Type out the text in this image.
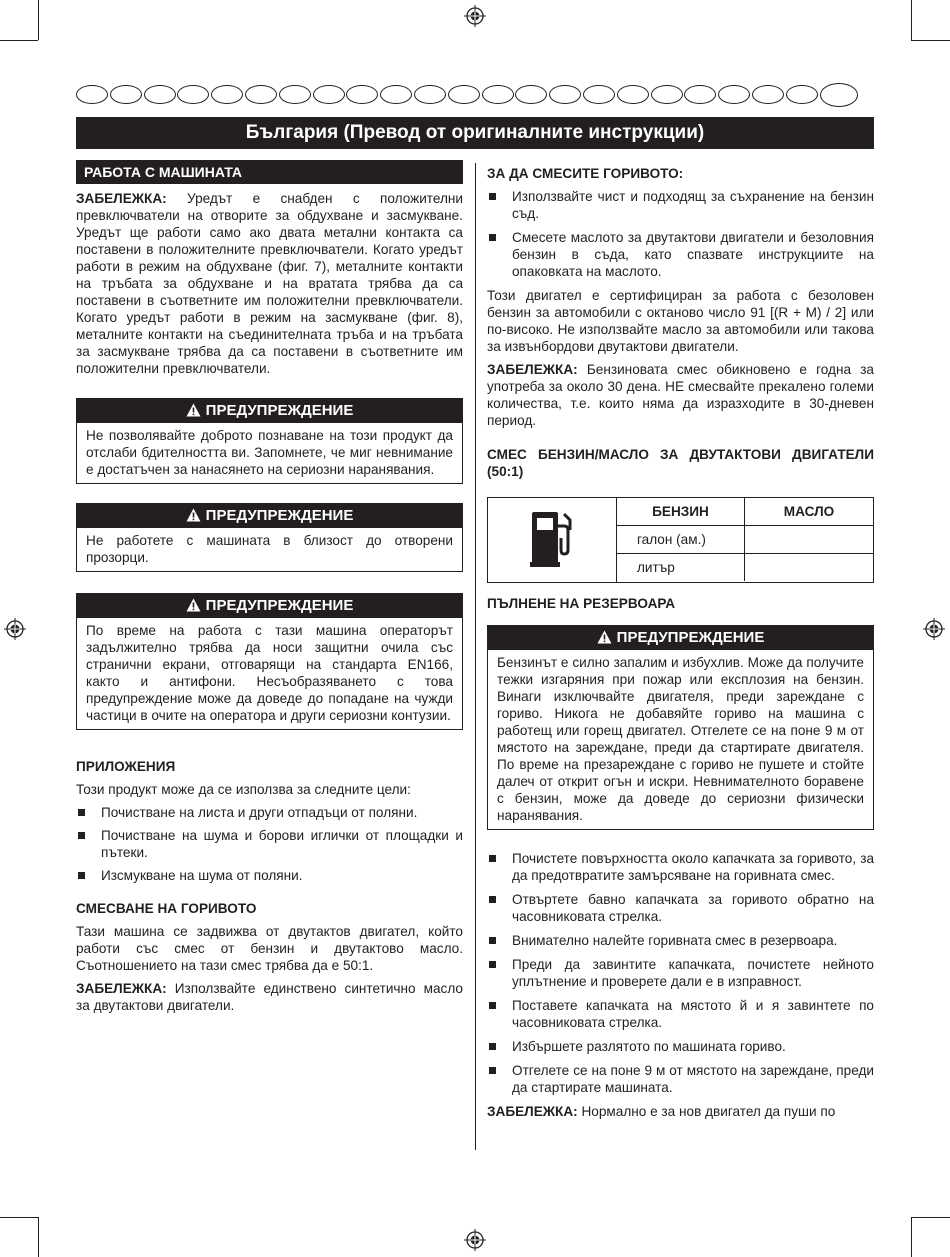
България (Превод от оригиналните инструкции)
РАБОТА С МАШИНАТА

ЗАБЕЛЕЖКА: Уредът е снабден с положителни превключватели на отворите за обдухване и засмукване. Уредът ще работи само ако двата метални контакта са поставени в положителните превключватели. Когато уредът работи в режим на обдухване (фиг. 7), металните контакти на тръбата за обдухване и на вратата трябва да са поставени в съответните им положителни превключватели. Когато уредът работи в режим на засмукване (фиг. 8), металните контакти на съединителната тръба и на тръбата за засмукване трябва да са поставени в съответните им положителни превключватели.

ПРЕДУПРЕЖДЕНИЕ
Не позволявайте доброто познаване на този продукт да отслаби бдителността ви. Запомнете, че миг невнимание е достатъчен за нанасянето на сериозни наранявания.
ПРЕДУПРЕЖДЕНИЕ
Не работете с машината в близост до отворени прозорци.
ПРЕДУПРЕЖДЕНИЕ
По време на работа с тази машина операторът задължително трябва да носи защитни очила със странични екрани, отговарящи на стандарта EN166, както и антифони. Несъобразяването с това предупреждение може да доведе до попадане на чужди частици в очите на оператора и други сериозни контузии.
ПРИЛОЖЕНИЯ

Този продукт може да се използва за следните цели:

Почистване на листа и други отпадъци от поляни.
Почистване на шума и борови иглички от площадки и пътеки.
Изсмукване на шума от поляни.
СМЕСВАНЕ НА ГОРИВОТО

Тази машина се задвижва от двутактов двигател, който работи със смес от бензин и двутактово масло. Съотношението на тази смес трябва да е 50:1.

ЗАБЕЛЕЖКА: Използвайте единствено синтетично масло за двутактови двигатели.

ЗА ДА СМЕСИТЕ ГОРИВОТО:
Използвайте чист и подходящ за съхранение на бензин съд.
Смесете маслото за двутактови двигатели и безоловния бензин в съда, като спазвате инструкциите на опаковката на маслото.

Този двигател е сертифициран за работа с безоловен бензин за автомобили с октаново число 91 [(R + M) / 2] или по-високо. Не използвайте масло за автомобили или такова за извънбордови двутактови двигатели.

ЗАБЕЛЕЖКА: Бензиновата смес обикновено е годна за употреба за около 30 дена. НЕ смесвайте прекалено големи количества, т.е. които няма да изразходите в 30-дневен период.

СМЕС БЕНЗИН/МАСЛО ЗА ДВУТАКТОВИ ДВИГАТЕЛИ (50:1)

БЕНЗИН	МАСЛО
галон (ам.)
литър
ПЪЛНЕНЕ НА РЕЗЕРВОАРА
ПРЕДУПРЕЖДЕНИЕ
Бензинът е силно запалим и избухлив. Може да получите тежки изгаряния при пожар или експлозия на бензин. Винаги изключвайте двигателя, преди зареждане с гориво. Никога не добавяйте гориво на машина с работещ или горещ двигател. Отгелете се на поне 9 м от мястото на зареждане, преди да стартирате двигателя. По време на презареждане с гориво не пушете и стойте далеч от открит огън и искри. Невнимателното боравене с бензин, може да доведе до сериозни физически наранявания.
Почистете повърхността около капачката за горивото, за да предотвратите замърсяване на горивната смес.
Отвъртете бавно капачката за горивото обратно на часовниковата стрелка.
Внимателно налейте горивната смес в резервоара.
Преди да завинтите капачката, почистете нейното уплътнение и проверете дали е в изправност.
Поставете капачката на мястото й и я завинтете по часовниковата стрелка.
Избършете разлятото по машината гориво.
Отгелете се на поне 9 м от мястото на зареждане, преди да стартирате машината.

ЗАБЕЛЕЖКА: Нормално е за нов двигател да пуши по
